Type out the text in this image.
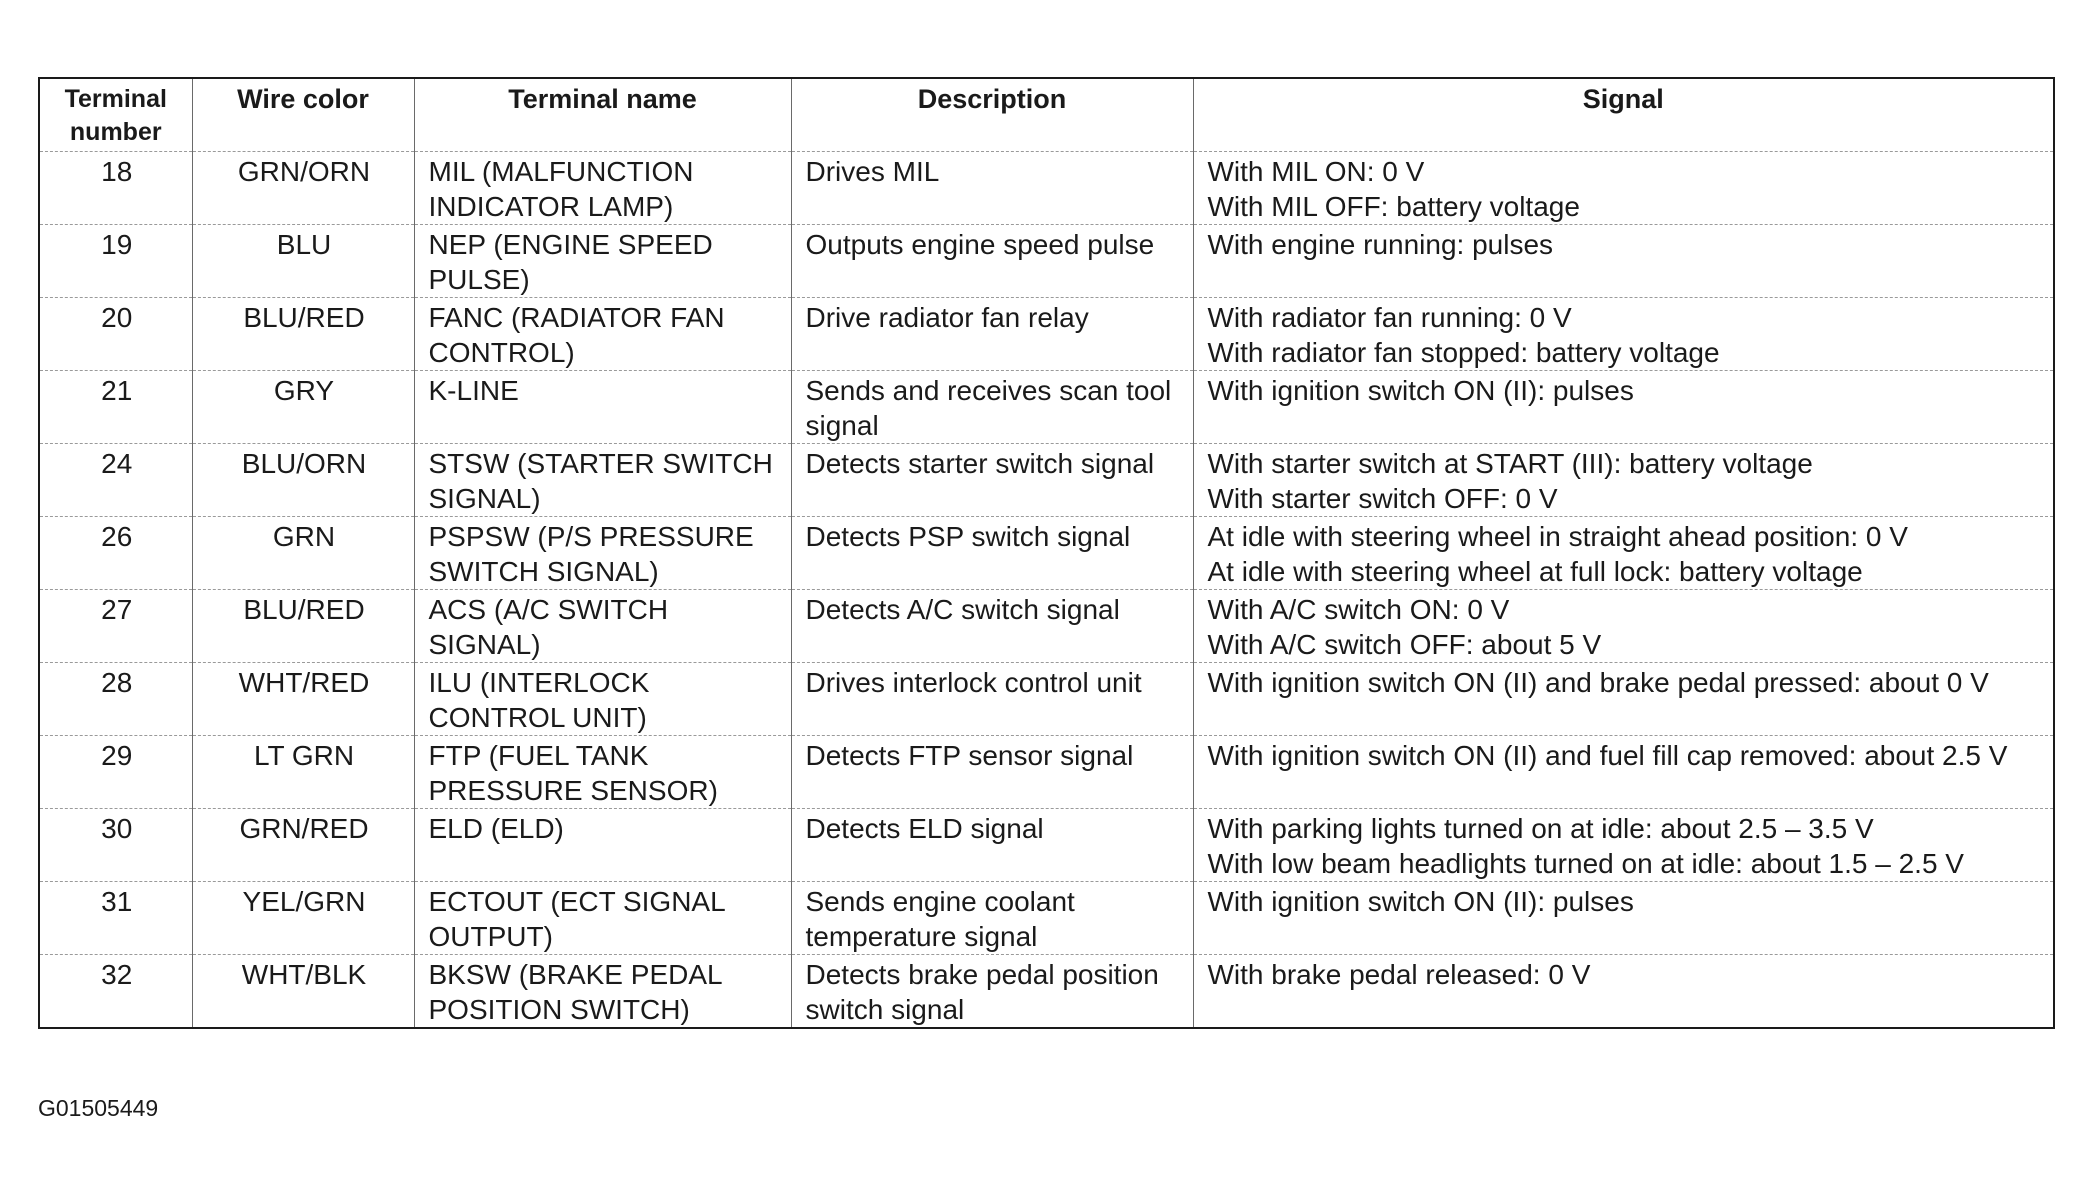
Terminal number	Wire color	Terminal name	Description	Signal
18	GRN/ORN	MIL (MALFUNCTION INDICATOR LAMP)	Drives MIL	With MIL ON: 0 V
With MIL OFF: battery voltage

19	BLU	NEP (ENGINE SPEED PULSE)	Outputs engine speed pulse	With engine running: pulses

20	BLU/RED	FANC (RADIATOR FAN CONTROL)	Drive radiator fan relay	With radiator fan running: 0 V
With radiator fan stopped: battery voltage

21	GRY	K-LINE	Sends and receives scan tool signal	With ignition switch ON (II): pulses

24	BLU/ORN	STSW (STARTER SWITCH SIGNAL)	Detects starter switch signal	With starter switch at START (III): battery voltage
With starter switch OFF: 0 V

26	GRN	PSPSW (P/S PRESSURE SWITCH SIGNAL)	Detects PSP switch signal	At idle with steering wheel in straight ahead position: 0 V
At idle with steering wheel at full lock: battery voltage

27	BLU/RED	ACS (A/C SWITCH SIGNAL)	Detects A/C switch signal	With A/C switch ON: 0 V
With A/C switch OFF: about 5 V

28	WHT/RED	ILU (INTERLOCK CONTROL UNIT)	Drives interlock control unit	With ignition switch ON (II) and brake pedal pressed: about 0 V

29	LT GRN	FTP (FUEL TANK PRESSURE SENSOR)	Detects FTP sensor signal	With ignition switch ON (II) and fuel fill cap removed: about 2.5 V

30	GRN/RED	ELD (ELD)	Detects ELD signal	With parking lights turned on at idle: about 2.5 – 3.5 V
With low beam headlights turned on at idle: about 1.5 – 2.5 V

31	YEL/GRN	ECTOUT (ECT SIGNAL OUTPUT)	Sends engine coolant temperature signal	With ignition switch ON (II): pulses

32	WHT/BLK	BKSW (BRAKE PEDAL POSITION SWITCH)	Detects brake pedal position switch signal	With brake pedal released: 0 V
G01505449
